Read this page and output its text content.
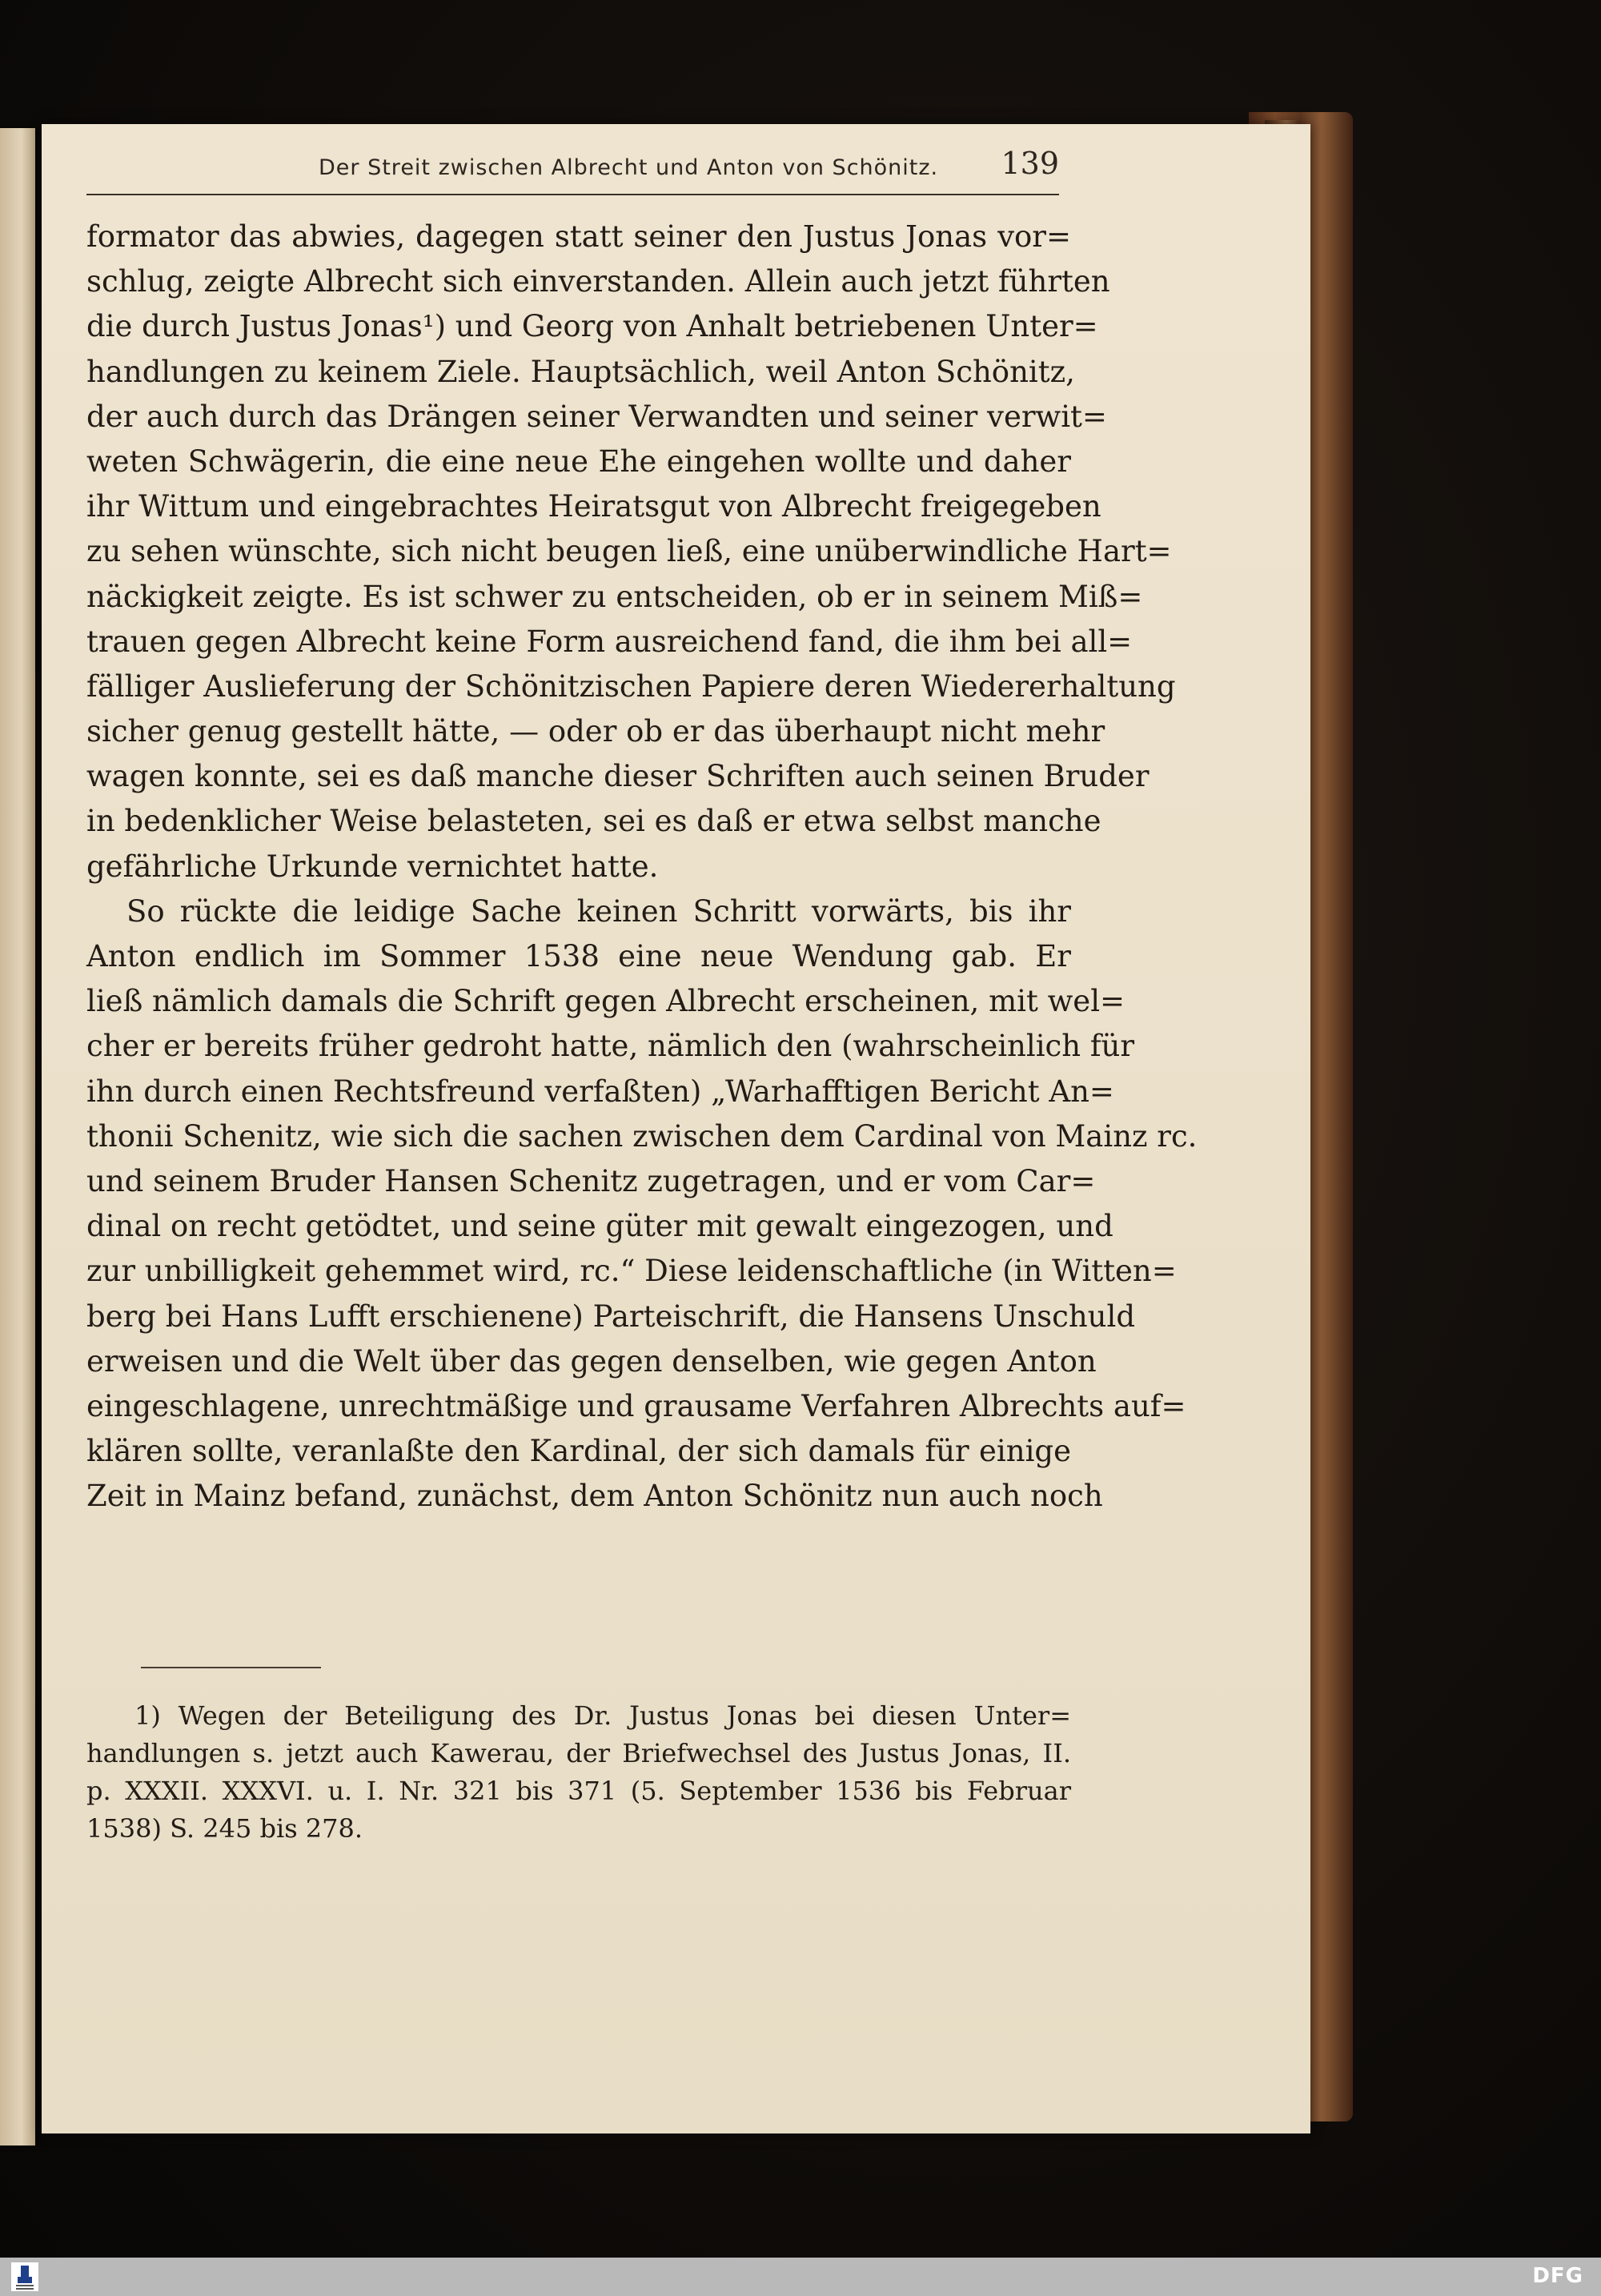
Der Streit zwischen Albrecht und Anton von Schönitz. 139
formator das abwies, dagegen statt seiner den Justus Jonas vor=
schlug, zeigte Albrecht sich einverstanden. Allein auch jetzt führten
die durch Justus Jonas¹) und Georg von Anhalt betriebenen Unter=
handlungen zu keinem Ziele. Hauptsächlich, weil Anton Schönitz,
der auch durch das Drängen seiner Verwandten und seiner verwit=
weten Schwägerin, die eine neue Ehe eingehen wollte und daher
ihr Wittum und eingebrachtes Heiratsgut von Albrecht freigegeben
zu sehen wünschte, sich nicht beugen ließ, eine unüberwindliche Hart=
näckigkeit zeigte. Es ist schwer zu entscheiden, ob er in seinem Miß=
trauen gegen Albrecht keine Form ausreichend fand, die ihm bei all=
fälliger Auslieferung der Schönitzischen Papiere deren Wiedererhaltung
sicher genug gestellt hätte, — oder ob er das überhaupt nicht mehr
wagen konnte, sei es daß manche dieser Schriften auch seinen Bruder
in bedenklicher Weise belasteten, sei es daß er etwa selbst manche
gefährliche Urkunde vernichtet hatte.
So rückte die leidige Sache keinen Schritt vorwärts, bis ihr
Anton endlich im Sommer 1538 eine neue Wendung gab. Er
ließ nämlich damals die Schrift gegen Albrecht erscheinen, mit wel=
cher er bereits früher gedroht hatte, nämlich den (wahrscheinlich für
ihn durch einen Rechtsfreund verfaßten) „Warhafftigen Bericht An=
thonii Schenitz, wie sich die sachen zwischen dem Cardinal von Mainz rc.
und seinem Bruder Hansen Schenitz zugetragen, und er vom Car=
dinal on recht getödtet, und seine güter mit gewalt eingezogen, und
zur unbilligkeit gehemmet wird, rc.“ Diese leidenschaftliche (in Witten=
berg bei Hans Lufft erschienene) Parteischrift, die Hansens Unschuld
erweisen und die Welt über das gegen denselben, wie gegen Anton
eingeschlagene, unrechtmäßige und grausame Verfahren Albrechts auf=
klären sollte, veranlaßte den Kardinal, der sich damals für einige
Zeit in Mainz befand, zunächst, dem Anton Schönitz nun auch noch
1) Wegen der Beteiligung des Dr. Justus Jonas bei diesen Unter=
handlungen s. jetzt auch Kawerau, der Briefwechsel des Justus Jonas, II.
p. XXXII. XXXVI. u. I. Nr. 321 bis 371 (5. September 1536 bis Februar
1538) S. 245 bis 278.
DFG
